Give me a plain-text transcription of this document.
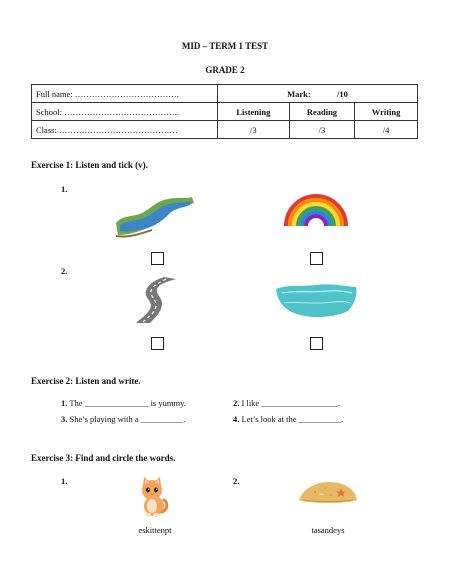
MID – TERM 1 TEST
GRADE 2
Full name: ……………………………….	Mark: /10		
School: …………………………………..	Listening	Reading	Writing
Class: ……………………………………	/3	/3	/4
Exercise 1: Listen and tick (v).
1.
2.
Exercise 2: Listen and write.
1. The _______________ is yummy.	2. I like __________________.
3. She’s playing with a __________.	4. Let’s look at the __________.
Exercise 3: Find and circle the words.
1.	2.
eskittenpt	tasandeys
